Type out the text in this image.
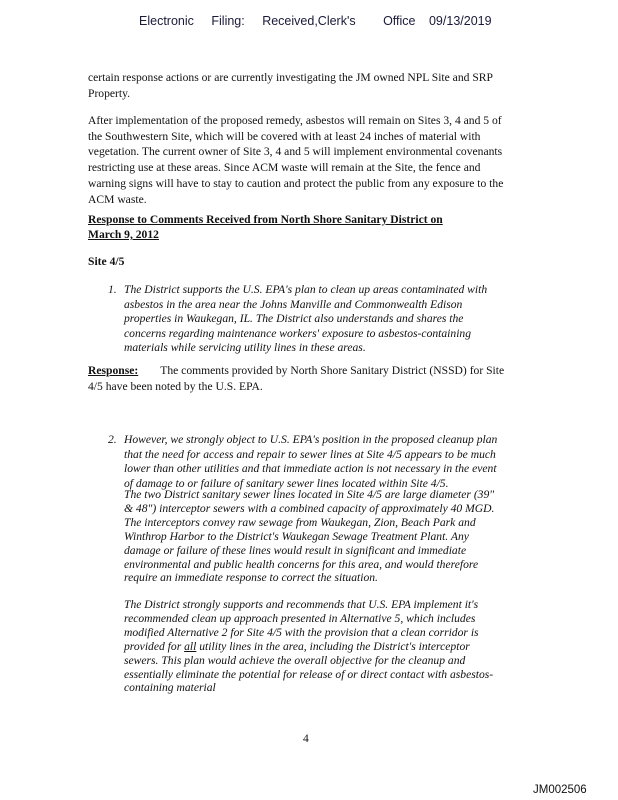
Electronic Filing: Received,Clerk's Office 09/13/2019
certain response actions or are currently investigating the JM owned NPL Site and SRP
Property.
After implementation of the proposed remedy, asbestos will remain on Sites 3, 4 and 5 of
the Southwestern Site, which will be covered with at least 24 inches of material with
vegetation. The current owner of Site 3, 4 and 5 will implement environmental covenants
restricting use at these areas. Since ACM waste will remain at the Site, the fence and
warning signs will have to stay to caution and protect the public from any exposure to the
ACM waste.
Response to Comments Received from North Shore Sanitary District on
March 9, 2012
Site 4/5
1. The District supports the U.S. EPA's plan to clean up areas contaminated with
asbestos in the area near the Johns Manville and Commonwealth Edison
properties in Waukegan, IL. The District also understands and shares the
concerns regarding maintenance workers' exposure to asbestos-containing
materials while servicing utility lines in these areas.
Response: The comments provided by North Shore Sanitary District (NSSD) for Site
4/5 have been noted by the U.S. EPA.
2. However, we strongly object to U.S. EPA's position in the proposed cleanup plan
that the need for access and repair to sewer lines at Site 4/5 appears to be much
lower than other utilities and that immediate action is not necessary in the event
of damage to or failure of sanitary sewer lines located within Site 4/5.
The two District sanitary sewer lines located in Site 4/5 are large diameter (39"
& 48") interceptor sewers with a combined capacity of approximately 40 MGD.
The interceptors convey raw sewage from Waukegan, Zion, Beach Park and
Winthrop Harbor to the District's Waukegan Sewage Treatment Plant. Any
damage or failure of these lines would result in significant and immediate
environmental and public health concerns for this area, and would therefore
require an immediate response to correct the situation.
The District strongly supports and recommends that U.S. EPA implement it's
recommended clean up approach presented in Alternative 5, which includes
modified Alternative 2 for Site 4/5 with the provision that a clean corridor is
provided for all utility lines in the area, including the District's interceptor
sewers. This plan would achieve the overall objective for the cleanup and
essentially eliminate the potential for release of or direct contact with asbestos-
containing material
4
JM002506
